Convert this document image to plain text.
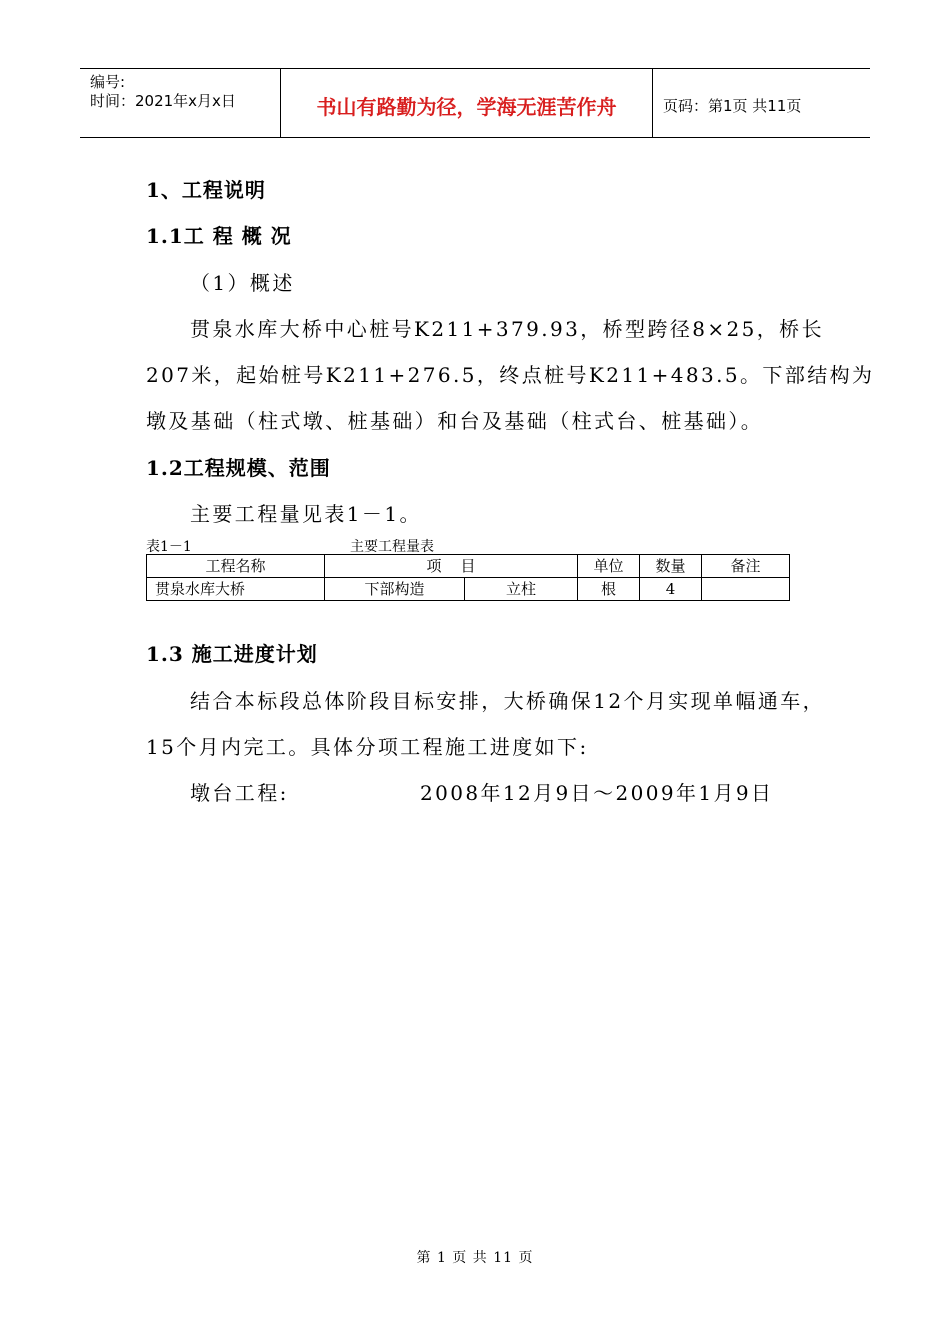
编号:
时间：2021年x月x日	书山有路勤为径，学海无涯苦作舟	页码：第1页 共11页
1、工程说明
1.1工 程 概 况
（1）概述
贯泉水库大桥中心桩号K211+379.93，桥型跨径8×25，桥长
207米，起始桩号K211+276.5，终点桩号K211+483.5。下部结构为
墩及基础（柱式墩、桩基础）和台及基础（柱式台、桩基础）。
1.2工程规模、范围
主要工程量见表1－1。
表1－1	主要工程量表
工程名称	项    目		单位	数量	备注
贯泉水库大桥	下部构造	立柱	根	4	
1.3 施工进度计划
结合本标段总体阶段目标安排，大桥确保12个月实现单幅通车，
15个月内完工。具体分项工程施工进度如下:
墩台工程:	2008年12月9日～2009年1月9日
第 1 页 共 11 页
